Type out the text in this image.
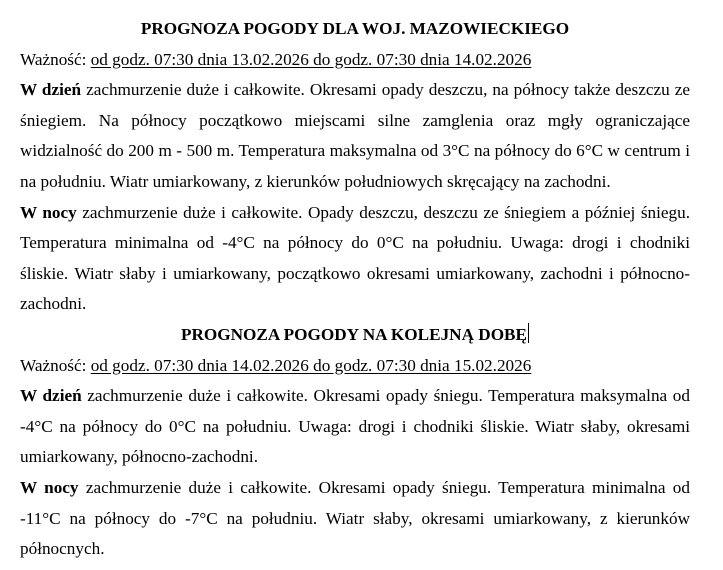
PROGNOZA POGODY DLA WOJ. MAZOWIECKIEGO

Ważność: od godz. 07:30 dnia 13.02.2026 do godz. 07:30 dnia 14.02.2026

W dzień zachmurzenie duże i całkowite. Okresami opady deszczu, na północy także deszczu ze śniegiem. Na północy początkowo miejscami silne zamglenia oraz mgły ograniczające widzialność do 200 m - 500 m. Temperatura maksymalna od 3°C na północy do 6°C w centrum i na południu. Wiatr umiarkowany, z kierunków południowych skręcający na zachodni.

W nocy zachmurzenie duże i całkowite. Opady deszczu, deszczu ze śniegiem a później śniegu. Temperatura minimalna od -4°C na północy do 0°C na południu. Uwaga: drogi i chodniki śliskie. Wiatr słaby i umiarkowany, początkowo okresami umiarkowany, zachodni i północno-zachodni.

PROGNOZA POGODY NA KOLEJNĄ DOBĘ

Ważność: od godz. 07:30 dnia 14.02.2026 do godz. 07:30 dnia 15.02.2026

W dzień zachmurzenie duże i całkowite. Okresami opady śniegu. Temperatura maksymalna od -4°C na północy do 0°C na południu. Uwaga: drogi i chodniki śliskie. Wiatr słaby, okresami umiarkowany, północno-zachodni.

W nocy zachmurzenie duże i całkowite. Okresami opady śniegu. Temperatura minimalna od -11°C na północy do -7°C na południu. Wiatr słaby, okresami umiarkowany, z kierunków północnych.
